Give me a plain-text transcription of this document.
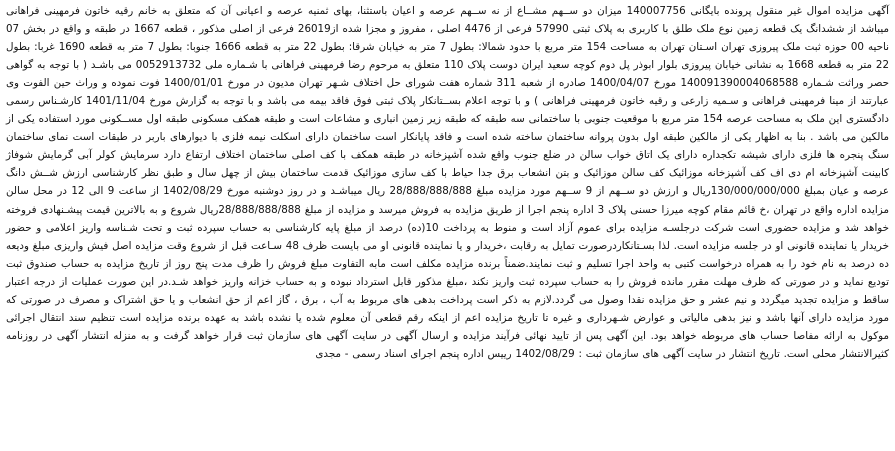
آگهی مزایده اموال غیر منقول پرونده بایگانی 140007756 میزان دو ســهم مشــاع از نه ســهم عرصه و اعیان باستثنا، بهای ثمنیه عرصه و اعیانی آن که متعلق به خانم رقیه خاتون فرمهینی فراهانی میباشد از ششدانگ یک قطعه زمین نوع ملک طلق با کاربری به پلاک ثبتی 57990 فرعی از 4476 اصلی ، مفروز و مجزا شده از26019 فرعی از اصلی مذکور ، قطعه 1667 در طبقه و واقع در بخش 07 ناحیه 00 حوزه ثبت ملک پیروزی تهران اسـتان تهران به مساحت 154 متر مربع با حدود شمالا: بطول 7 متر به خیابان شرقا: بطول 22 متر به قطعه 1666 جنوبا: بطول 7 متر به قطعه 1690 غربا: بطول 22 متر به قطعه 1668 به نشانی خیابان پیروزی بلوار ابوذر پل دوم کوچه سعید ایران دوست پلاک 110 متعلق به مرحوم رضا فرمهینی فراهانی با شـماره ملی 0052913732 می باشـد ( با توجه به گواهی حصر وراثت شـماره 14009139000406858​8 مورخ 1400/04/07 صادره از شعبه 311 شماره هفت شورای حل اختلاف شـهر تهران مدیون در مورخ 1400/01/01 فوت نموده و وراث حین الفوت وی عبارتند از مینا فرمهینی فراهانی و سـمیه زارعی و رقیه خاتون فرمهینی فراهانی ) و با توجه اعلام بســتانکار پلاک ثبتی فوق فاقد بیمه می باشد و با توجه به گزارش مورخ 1401/11/04 کارشـناس رسمی دادگستری این ملک به مساحت عرصه 154 متر مربع با موقعیت جنوبی با ساختمانی سه طبقه که طبقه زیر زمین انباری و مشاعات است و طبقه همکف مسکونی طبقه اول مســکونی مورد استفاده یکی از مالکین می باشد . بنا به اظهار یکی از مالکین طبقه اول بدون پروانه ساختمان ساخته شده است و فاقد پایانکار است ساختمان دارای اسکلت نیمه فلزی با دیوارهای باربر در طبقات است نمای ساختمان سنگ پنجره ها فلزی دارای شیشه تکجداره دارای یک اتاق خواب سالن در ضلع جنوب واقع شده آشپزخانه در طبقه همکف با کف اصلی ساختمان اختلاف ارتفاع دارد سرمایش کولر آبی گرمایش شوفاژ کابینت آشپزخانه ام دی اف کف آشپزخانه موزائیک کف سالن موزائیک و بتن انشعاب برق جدا حیاط با کف سازی موزائیک قدمت ساختمان بیش از چهل سال و طبق نظر کارشناسی ارزش شــش دانگ عرصه و عیان بمبلغ 130/000/000/000ریال و ارزش دو ســهم از 9 ســهم مورد مزایده مبلغ 28/888/888/888 ریال میباشـد و در روز دوشنبه مورخ 1402/08/29 از ساعت 9 الی 12 در محل سالن مزایده اداره واقع در تهران ،خ قائم مقام کوچه میرزا حسنی پلاک 3 اداره پنجم اجرا از طریق مزایده به فروش میرسد و مزایده از مبلغ 28/888/888/888ریال شروع و به بالاترین قیمت پیشـنهادی فروخته خواهد شد و مزایده حضوری است شرکت درجلسـه مزایده برای عموم آزاد است و منوط به پرداخت 10(ده) درصد از مبلغ پایه کارشناسی به حساب سپرده ثبت و تحت شـناسه واریز اعلامی و حضور خریدار یا نماینده قانونی او در جلسه مزایده است. لذا بسـتانکاردرصورت تمایل به رقابت ،خریدار و یا نماینده قانونی او می بایست ظرف 48 سـاعت قبل از شروع وقت مزایده اصل فیش واریزی مبلغ ودیعه ده درصد به نام خود را به همراه درخواست کتبی به واحد اجرا تسلیم و ثبت نمایند.ضمناً برنده مزایده مکلف است مابه التفاوت مبلغ فروش را ظرف مدت پنج روز از تاریخ مزایده به حساب صندوق ثبت تودیع نماید و در صورتی که ظرف مهلت مقرر مانده فروش را به حساب سپرده ثبت واریز نکند ،مبلغ مذکور قابل استرداد نبوده و به حساب خزانه واریز خواهد شـد.در این صورت عملیات از درجه اعتبار ساقط و مزایده تجدید میگردد و نیم عشر و حق مزایده نقدا وصول می گردد.لازم به ذکر است پرداخت بدهی های مربوط به آب ، برق ، گاز اعم از حق انشعاب و یا حق اشتراک و مصرف در صورتی که مورد مزایده دارای آنها باشد و نیز بدهی مالیاتی و عوارض شـهرداری و غیره تا تاریخ مزایده اعم از اینکه رقم قطعی آن معلوم شده یا نشده باشد به عهده برنده مزایده است تنظیم سند انتقال اجرائی موکول به ارائه مفاصا حساب های مربوطه خواهد بود. این آگهی پس از تایید نهائی فرآیند مزایده و ارسال آگهی در سایت آگهی های سازمان ثبت قرار خواهد گرفت و به منزله انتشار آگهی در روزنامه کثیرالانتشار محلی است. تاریخ انتشار در سایت آگهی های سازمان ثبت : 1402/08/29 رییس اداره پنجم اجرای اسناد رسمی - مجدی
